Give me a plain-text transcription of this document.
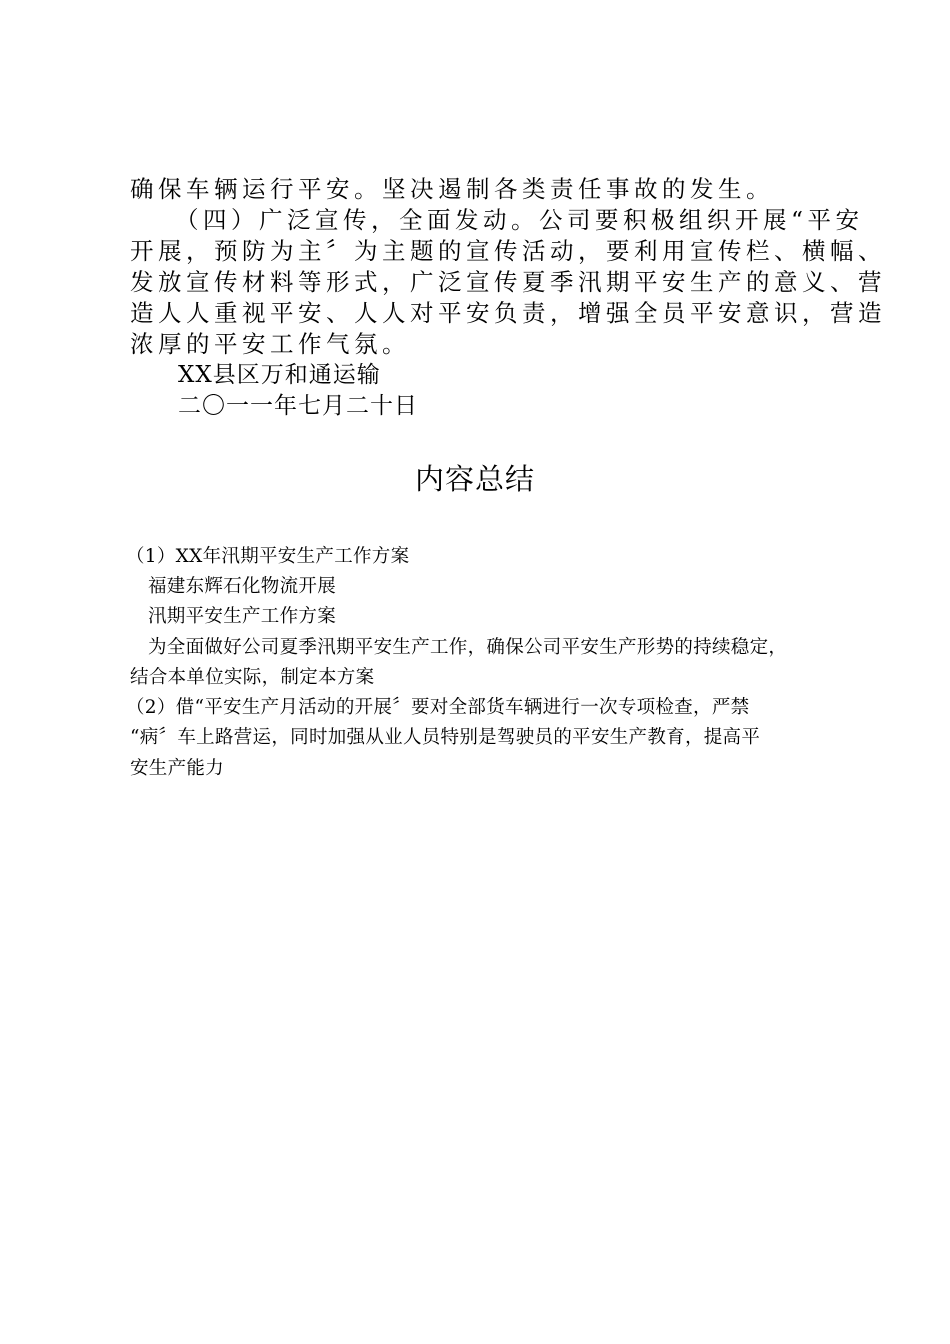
确保车辆运行平安。坚决遏制各类责任事故的发生。

（四）广泛宣传，全面发动。公司要积极组织开展“平安

开展，预防为主〞为主题的宣传活动，要利用宣传栏、横幅、

发放宣传材料等形式，广泛宣传夏季汛期平安生产的意义、营

造人人重视平安、人人对平安负责，增强全员平安意识，营造

浓厚的平安工作气氛。

XX县区万和通运输

二〇一一年七月二十日

内容总结

（1）XX年汛期平安生产工作方案

福建东辉石化物流开展

汛期平安生产工作方案

为全面做好公司夏季汛期平安生产工作，确保公司平安生产形势的持续稳定，

结合本单位实际，制定本方案

（2）借“平安生产月活动的开展〞要对全部货车辆进行一次专项检查，严禁

“病〞车上路营运，同时加强从业人员特别是驾驶员的平安生产教育，提高平

安生产能力
